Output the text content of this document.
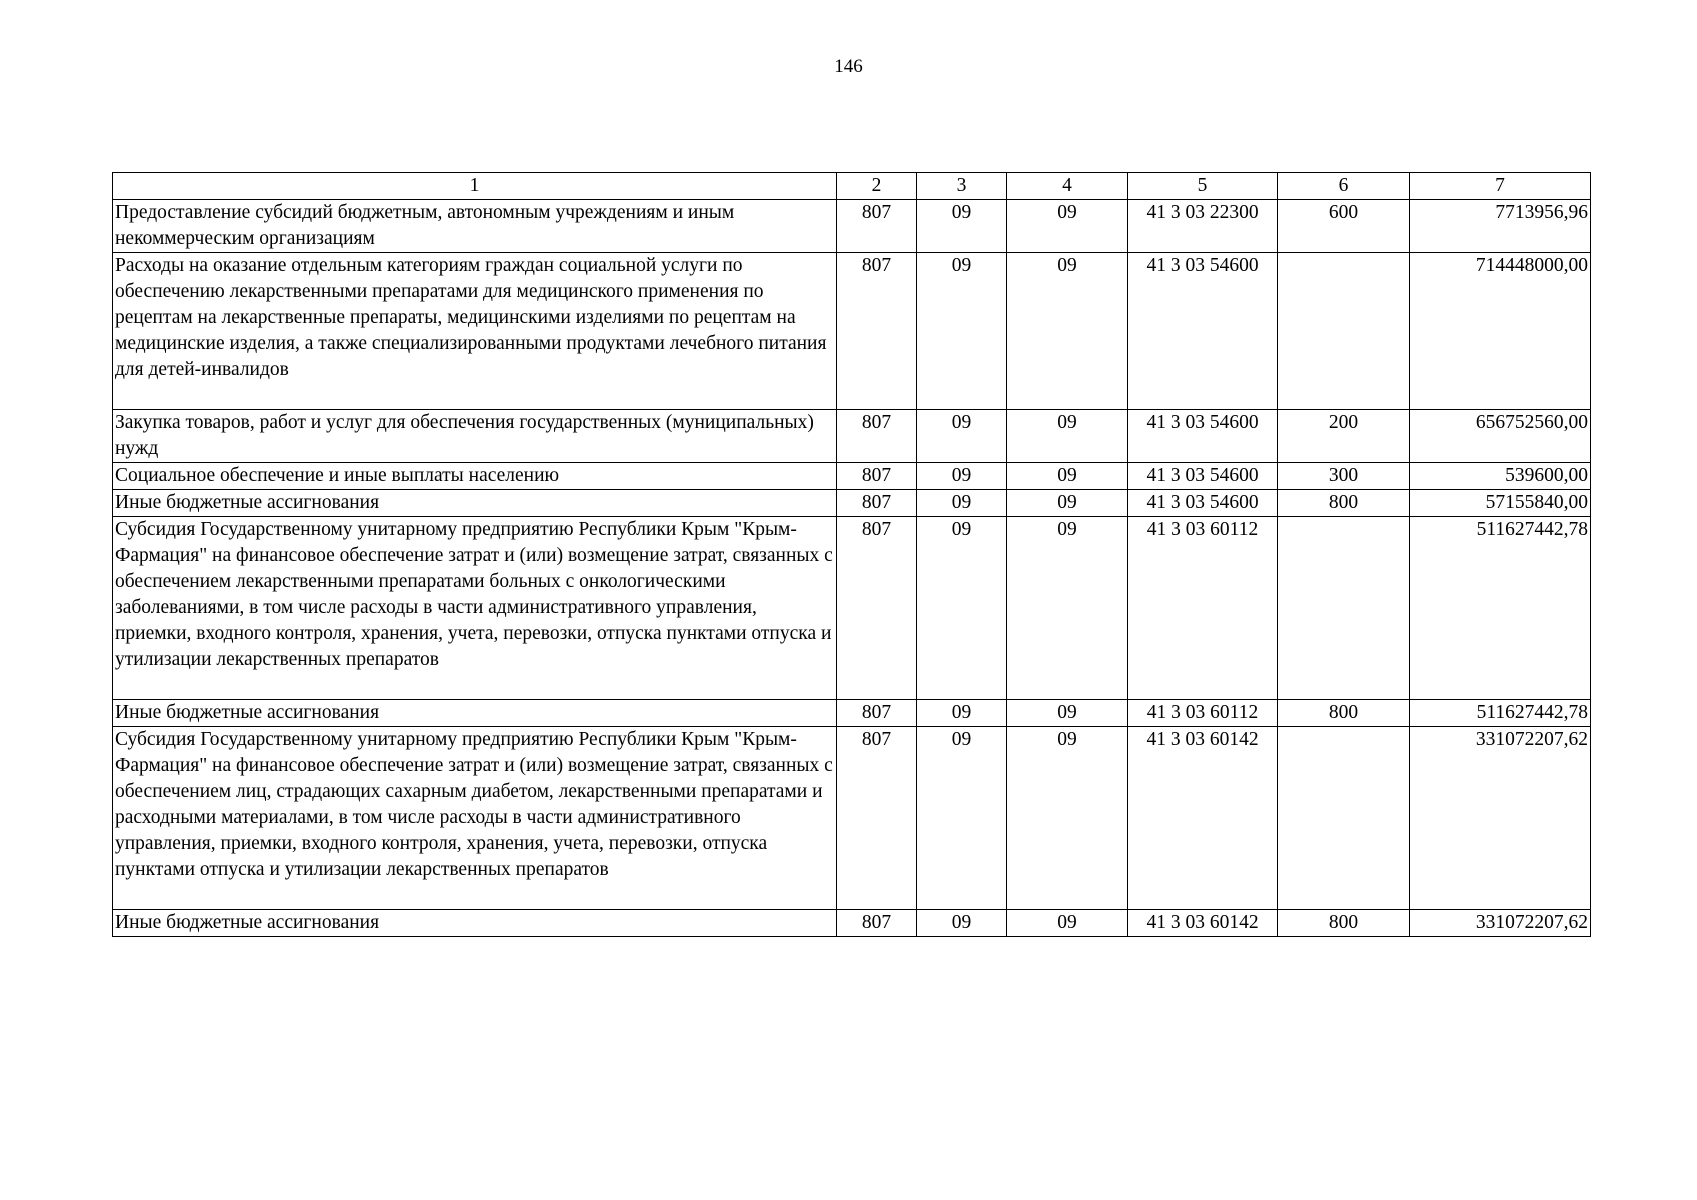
146
1	2	3	4	5	6	7
Предоставление субсидий бюджетным, автономным учреждениям и иным некоммерческим организациям	807	09	09	41 3 03 22300	600	7713956,96
Расходы на оказание отдельным категориям граждан социальной услуги по обеспечению лекарственными препаратами для медицинского применения по рецептам на лекарственные препараты, медицинскими изделиями по рецептам на медицинские изделия, а также специализированными продуктами лечебного питания для детей-инвалидов	807	09	09	41 3 03 54600		714448000,00
Закупка товаров, работ и услуг для обеспечения государственных (муниципальных) нужд	807	09	09	41 3 03 54600	200	656752560,00
Социальное обеспечение и иные выплаты населению	807	09	09	41 3 03 54600	300	539600,00
Иные бюджетные ассигнования	807	09	09	41 3 03 54600	800	57155840,00
Субсидия Государственному унитарному предприятию Республики Крым "Крым-Фармация" на финансовое обеспечение затрат и (или) возмещение затрат, связанных с обеспечением лекарственными препаратами больных с онкологическими заболеваниями, в том числе расходы в части административного управления, приемки, входного контроля, хранения, учета, перевозки, отпуска пунктами отпуска и утилизации лекарственных препаратов	807	09	09	41 3 03 60112		511627442,78
Иные бюджетные ассигнования	807	09	09	41 3 03 60112	800	511627442,78
Субсидия Государственному унитарному предприятию Республики Крым "Крым-Фармация" на финансовое обеспечение затрат и (или) возмещение затрат, связанных с обеспечением лиц, страдающих сахарным диабетом, лекарственными препаратами и расходными материалами, в том числе расходы в части административного управления, приемки, входного контроля, хранения, учета, перевозки, отпуска пунктами отпуска и утилизации лекарственных препаратов	807	09	09	41 3 03 60142		331072207,62
Иные бюджетные ассигнования	807	09	09	41 3 03 60142	800	331072207,62
